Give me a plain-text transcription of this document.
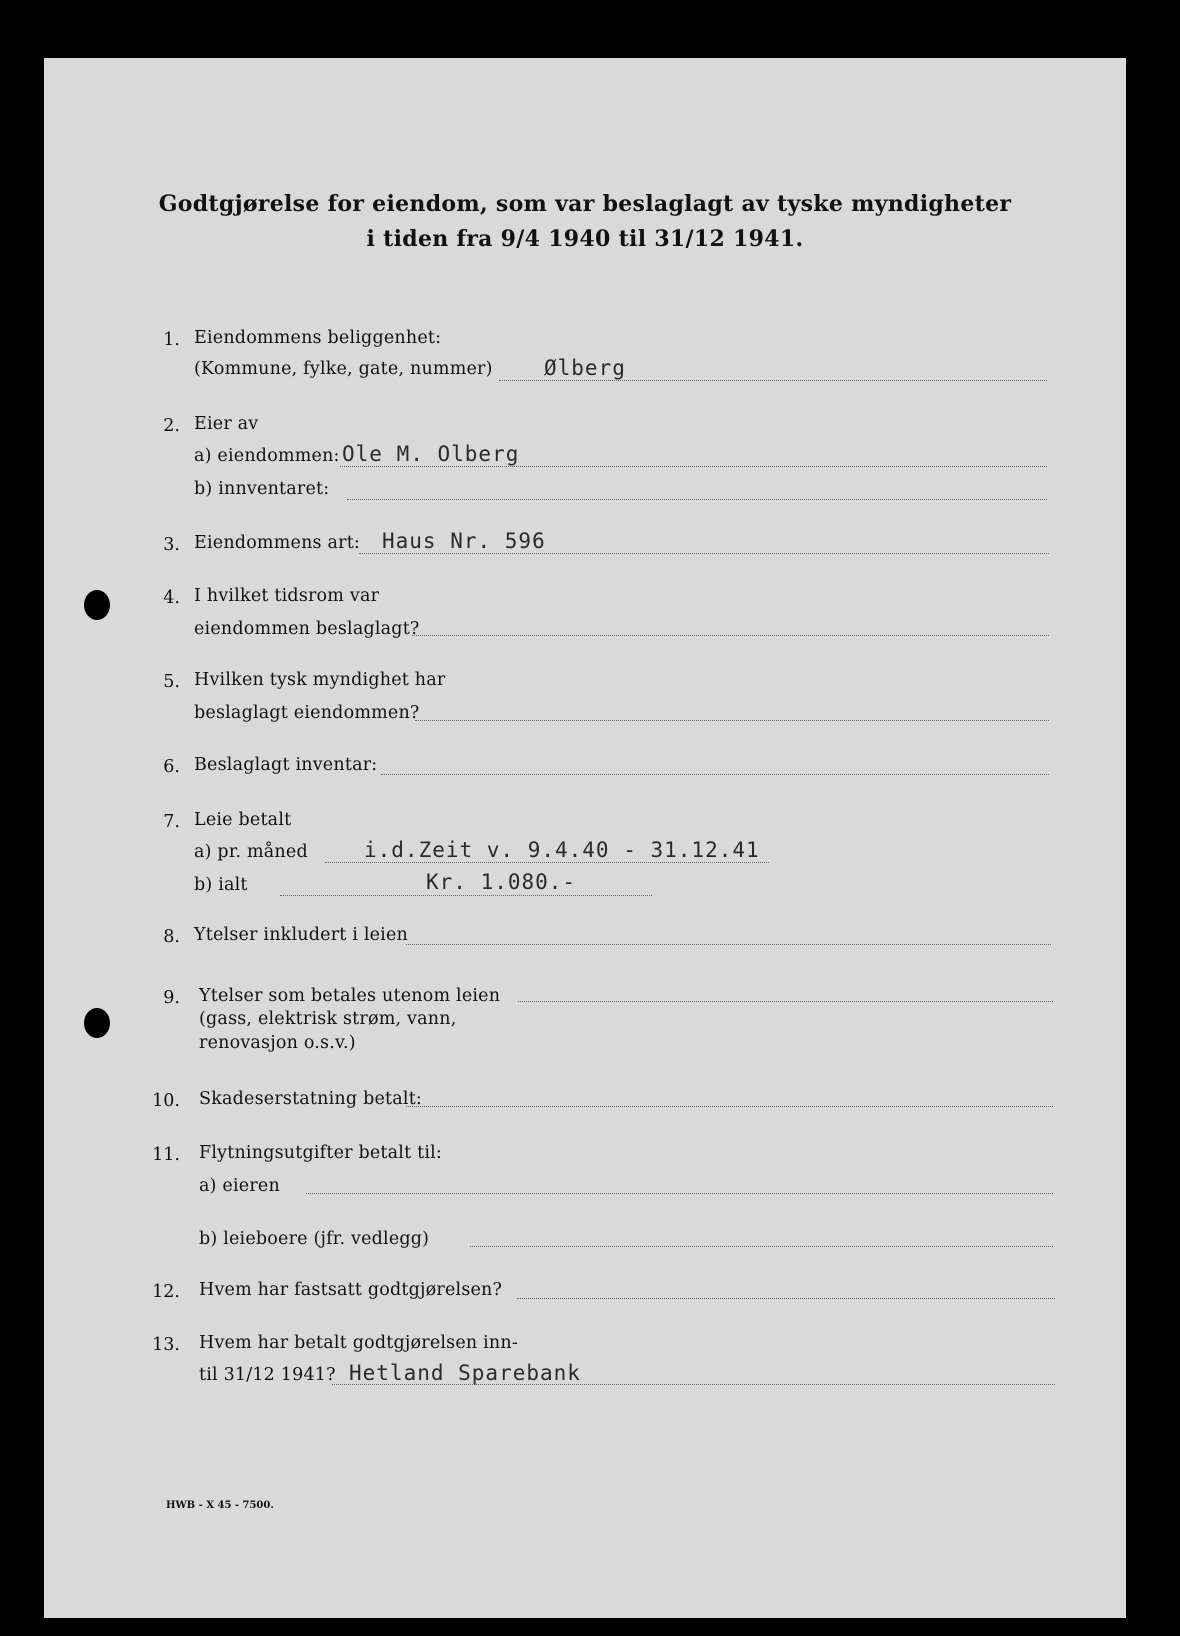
Godtgjørelse for eiendom, som var beslaglagt av tyske myndigheter
i tiden fra 9/4 1940 til 31/12 1941.
1. Eiendommens beliggenhet:
(Kommune, fylke, gate, nummer) Ølberg
2. Eier av
a) eiendommen: Ole M. Olberg
b) innventaret:
3. Eiendommens art: Haus Nr. 596
4. I hvilket tidsrom var
eiendommen beslaglagt?
5. Hvilken tysk myndighet har
beslaglagt eiendommen?
6. Beslaglagt inventar:
7. Leie betalt
a) pr. måned	i.d.Zeit v. 9.4.40 - 31.12.41
b) ialt	Kr. 1.080.-
8. Ytelser inkludert i leien
9. Ytelser som betales utenom leien
(gass, elektrisk strøm, vann,
renovasjon o.s.v.)
10. Skadeserstatning betalt:
11. Flytningsutgifter betalt til:
a) eieren
b) leieboere (jfr. vedlegg)
12. Hvem har fastsatt godtgjørelsen?
13. Hvem har betalt godtgjørelsen inn-
til 31/12 1941? Hetland Sparebank
HWB - X 45 - 7500.
